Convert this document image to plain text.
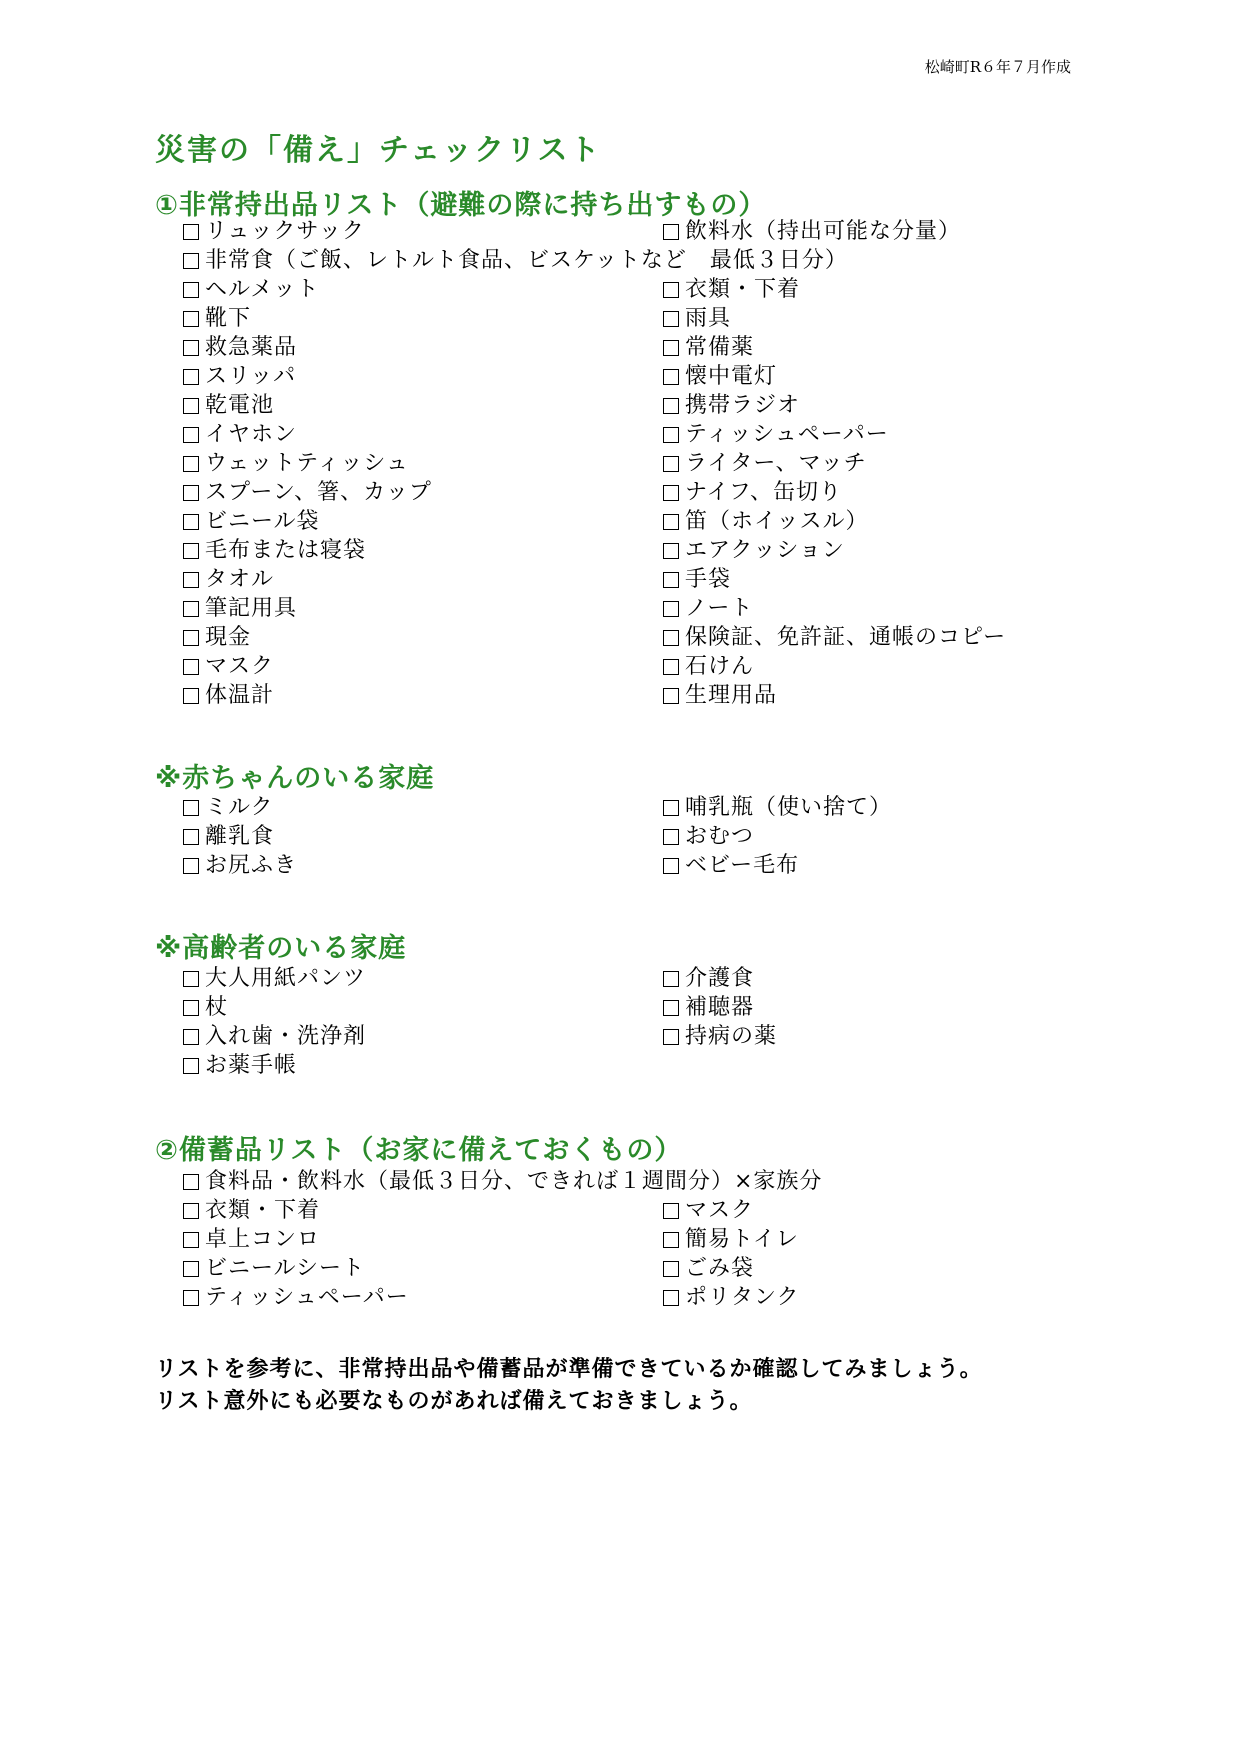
松崎町R６年７月作成
災害の「備え」チェックリスト
①非常持出品リスト（避難の際に持ち出すもの）
リュックサック	飲料水（持出可能な分量）
非常食（ご飯、レトルト食品、ビスケットなど　最低３日分）
ヘルメット	衣類・下着
靴下	雨具
救急薬品	常備薬
スリッパ	懐中電灯
乾電池	携帯ラジオ
イヤホン	ティッシュペーパー
ウェットティッシュ	ライター、マッチ
スプーン、箸、カップ	ナイフ、缶切り
ビニール袋	笛（ホイッスル）
毛布または寝袋	エアクッション
タオル	手袋
筆記用具	ノート
現金	保険証、免許証、通帳のコピー
マスク	石けん
体温計	生理用品
※赤ちゃんのいる家庭
ミルク	哺乳瓶（使い捨て）
離乳食	おむつ
お尻ふき	ベビー毛布
※高齢者のいる家庭
大人用紙パンツ	介護食
杖	補聴器
入れ歯・洗浄剤	持病の薬
お薬手帳
②備蓄品リスト（お家に備えておくもの）
食料品・飲料水（最低３日分、できれば１週間分）×家族分
衣類・下着	マスク
卓上コンロ	簡易トイレ
ビニールシート	ごみ袋
ティッシュペーパー	ポリタンク
リストを参考に、非常持出品や備蓄品が準備できているか確認してみましょう。
リスト意外にも必要なものがあれば備えておきましょう。
